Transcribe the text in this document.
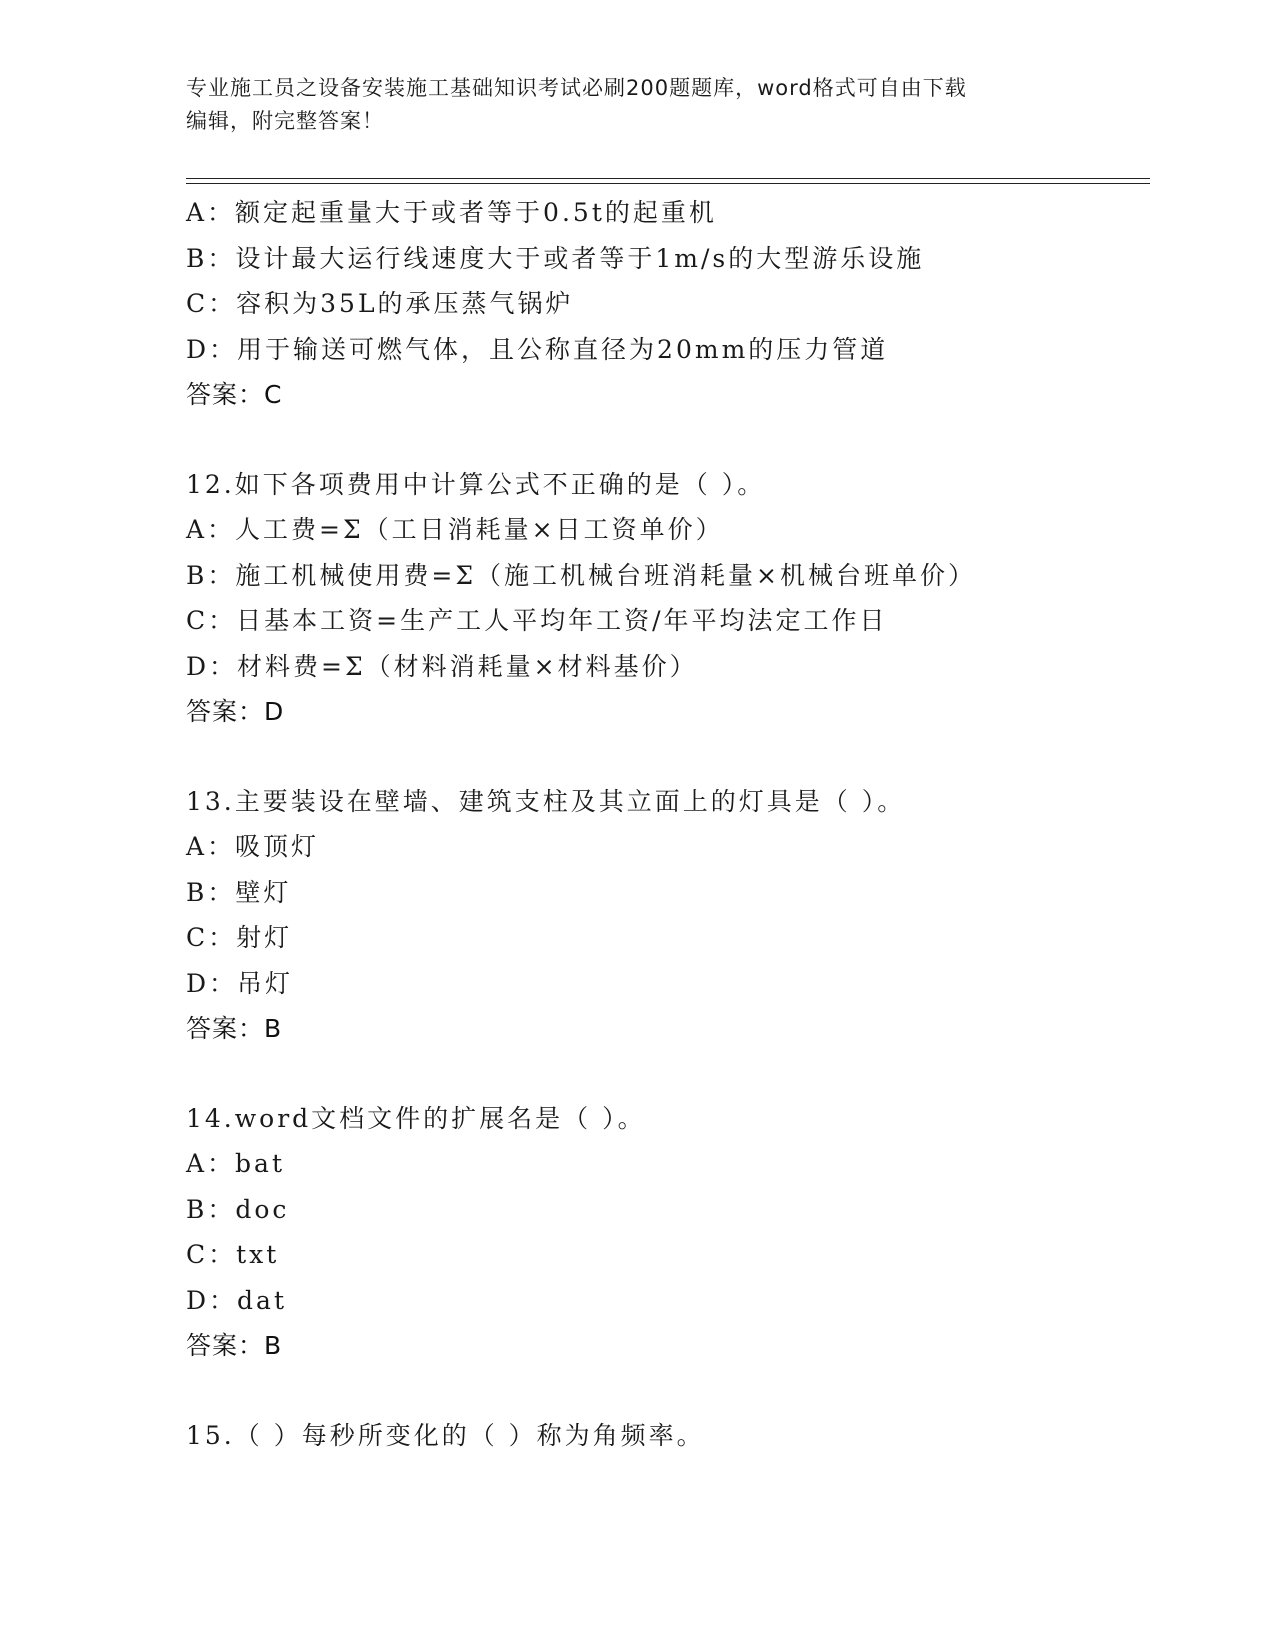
专业施工员之设备安装施工基础知识考试必刷200题题库，word格式可自由下载
编辑，附完整答案！
A：额定起重量大于或者等于0.5t的起重机
B：设计最大运行线速度大于或者等于1m/s的大型游乐设施
C：容积为35L的承压蒸气锅炉
D：用于输送可燃气体，且公称直径为20mm的压力管道
答案：C
12.如下各项费用中计算公式不正确的是（ ）。
A：人工费=Σ（工日消耗量×日工资单价）
B：施工机械使用费=Σ（施工机械台班消耗量×机械台班单价）
C：日基本工资=生产工人平均年工资/年平均法定工作日
D：材料费=Σ（材料消耗量×材料基价）
答案：D
13.主要装设在壁墙、建筑支柱及其立面上的灯具是（ ）。
A：吸顶灯
B：壁灯
C：射灯
D：吊灯
答案：B
14.word文档文件的扩展名是（ ）。
A：bat
B：doc
C：txt
D：dat
答案：B
15.（ ）每秒所变化的（ ）称为角频率。
